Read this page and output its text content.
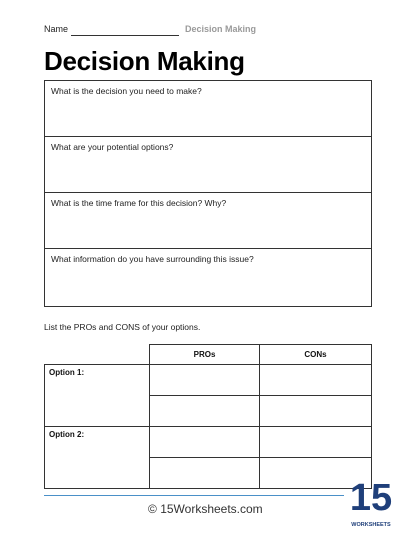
Name	Decision Making
Decision Making
What is the decision you need to make?
What are your potential options?
What is the time frame for this decision? Why?
What information do you have surrounding this issue?
List the PROs and CONS of your options.
	PROs	CONs
Option 1:		

Option 2:		

© 15Worksheets.com 15
WORKSHEETS
